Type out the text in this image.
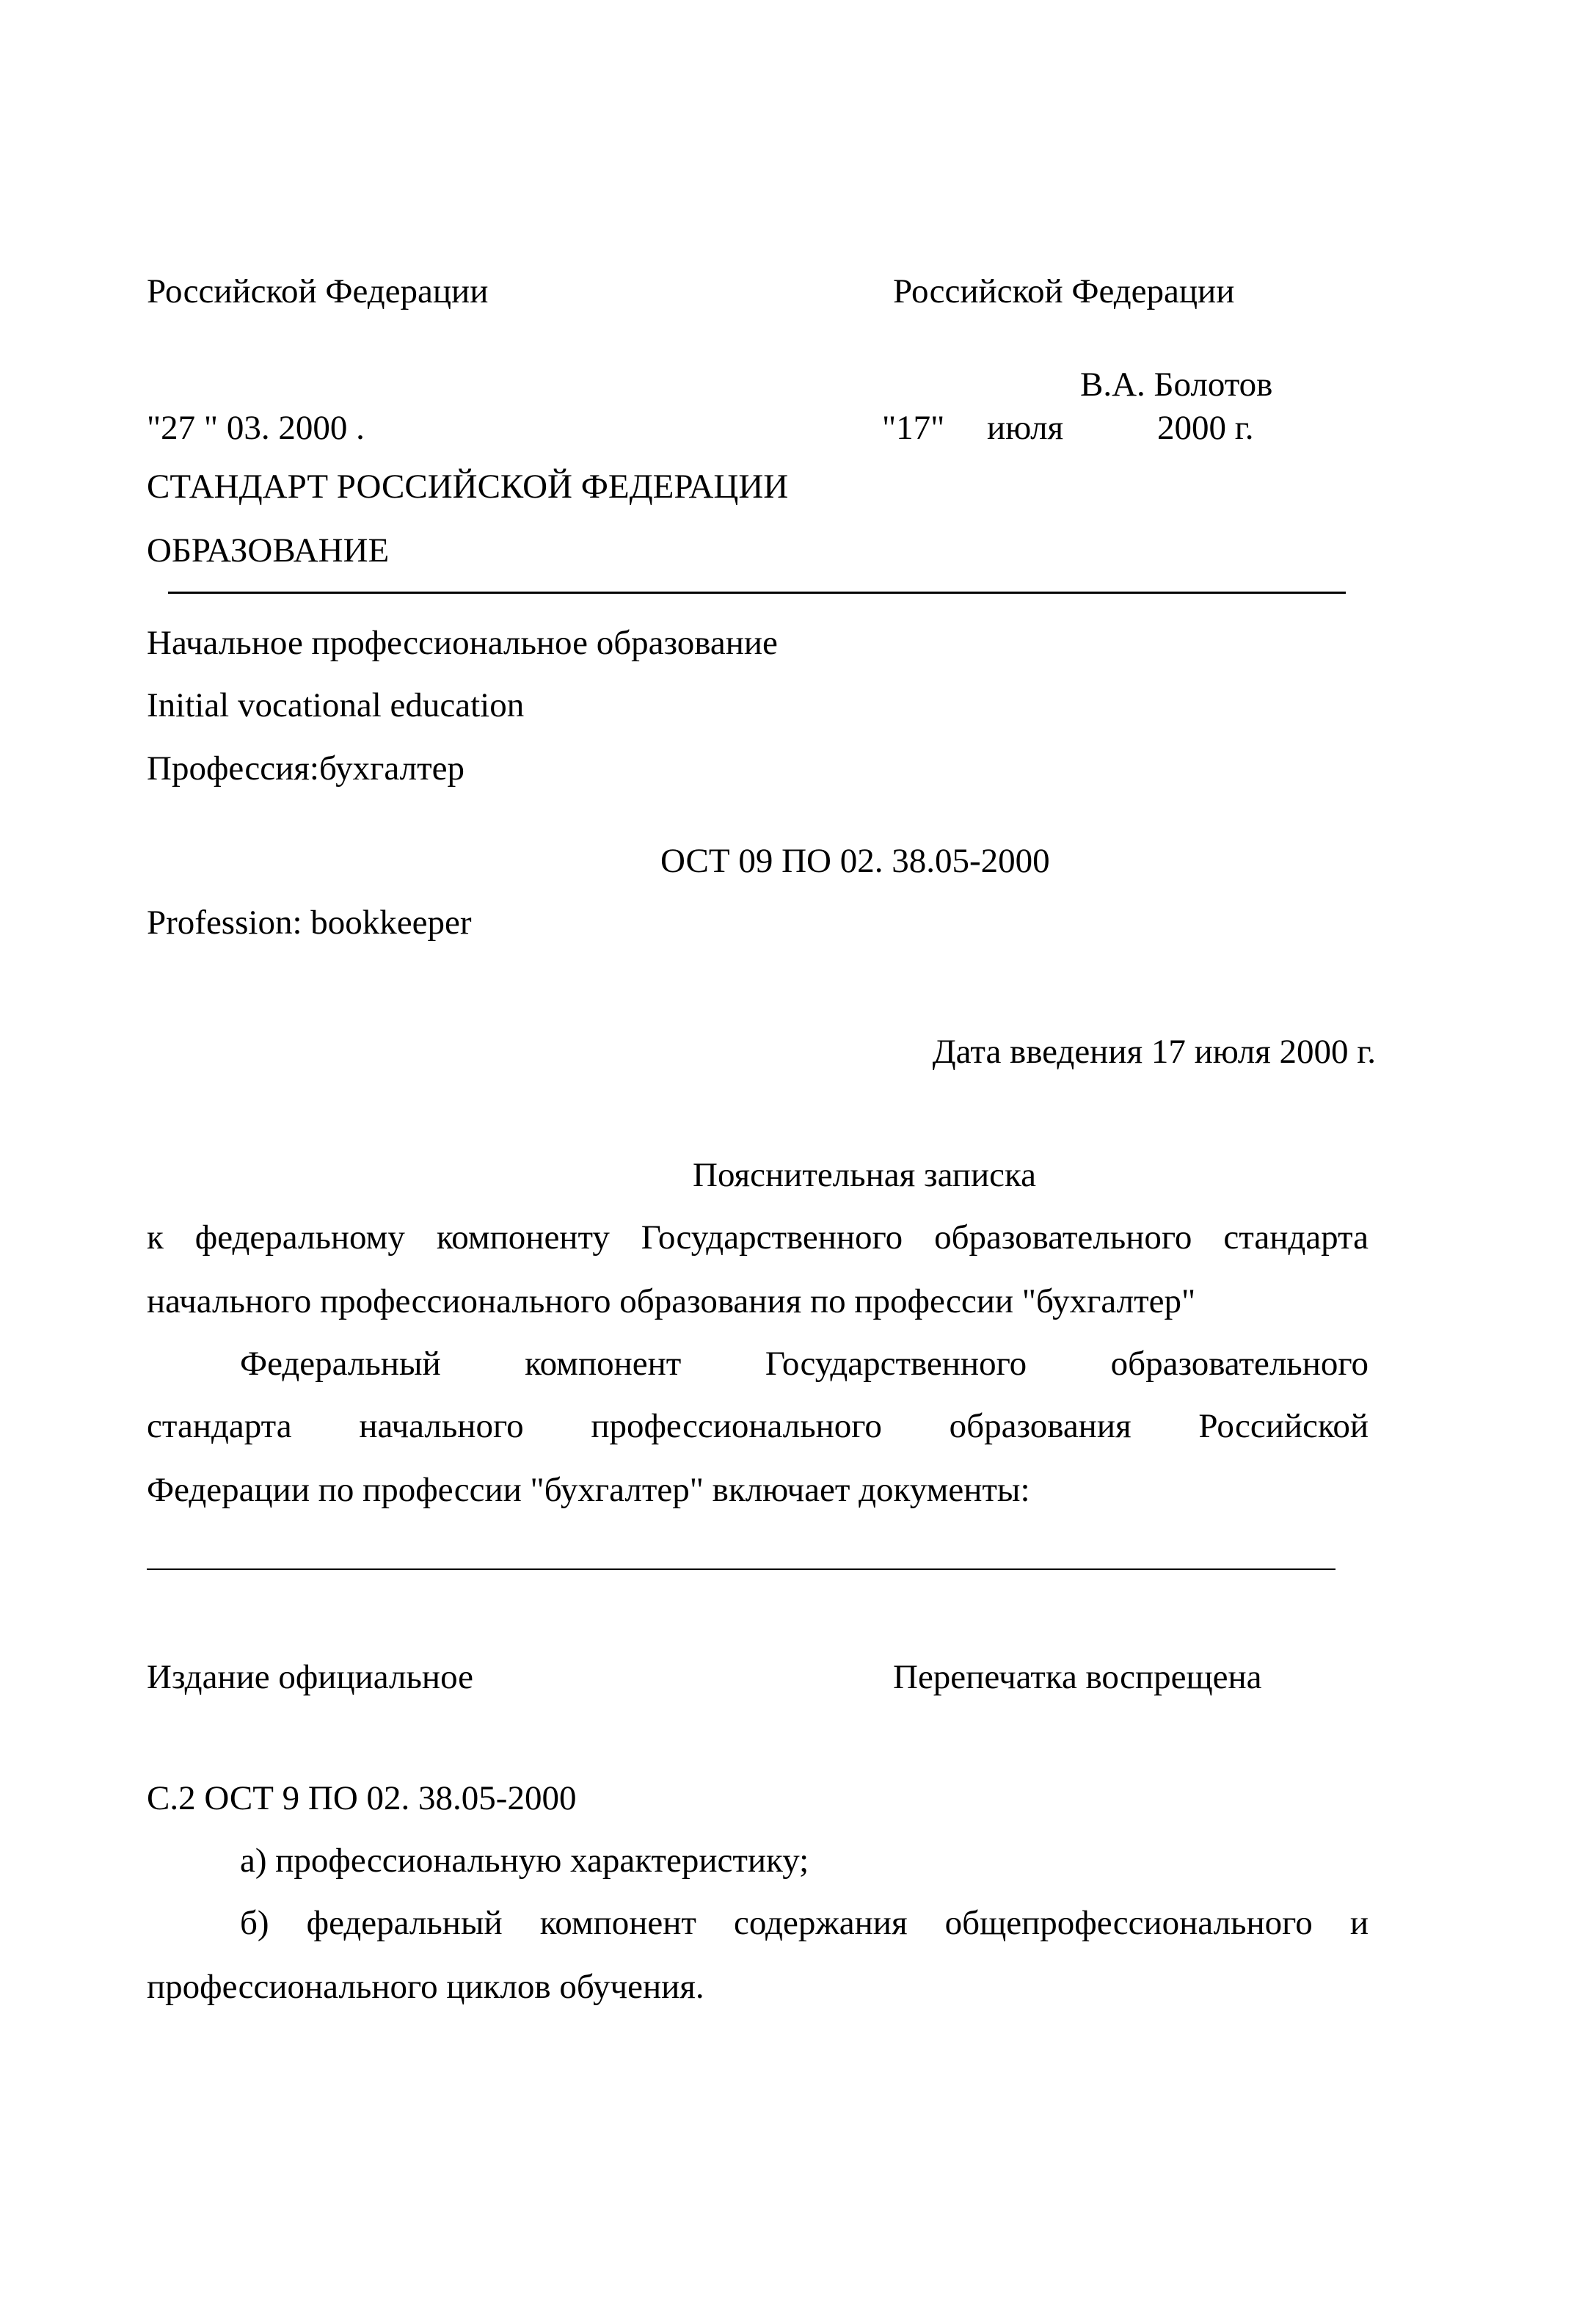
Российской Федерации	Российской Федерации
В.А. Болотов
"27 " 03. 2000 .	"17" июля	2000 г.
СТАНДАРТ РОССИЙСКОЙ ФЕДЕРАЦИИ
ОБРАЗОВАНИЕ
Начальное профессиональное образование
Initial vocational education
Профессия:бухгалтер
ОСТ 09 ПО 02. 38.05-2000
Profession: bookkeeper
Дата введения 17 июля 2000 г.
Пояснительная записка
к федеральному компоненту Государственного образовательного стандарта
начального профессионального образования по профессии "бухгалтер"
Федеральный компонент Государственного образовательного
стандарта начального профессионального образования Российской
Федерации по профессии "бухгалтер" включает документы:
Издание официальное	Перепечатка воспрещена
С.2 ОСТ 9 ПО 02. 38.05-2000
а) профессиональную характеристику;
б) федеральный компонент содержания общепрофессионального и
профессионального циклов обучения.
